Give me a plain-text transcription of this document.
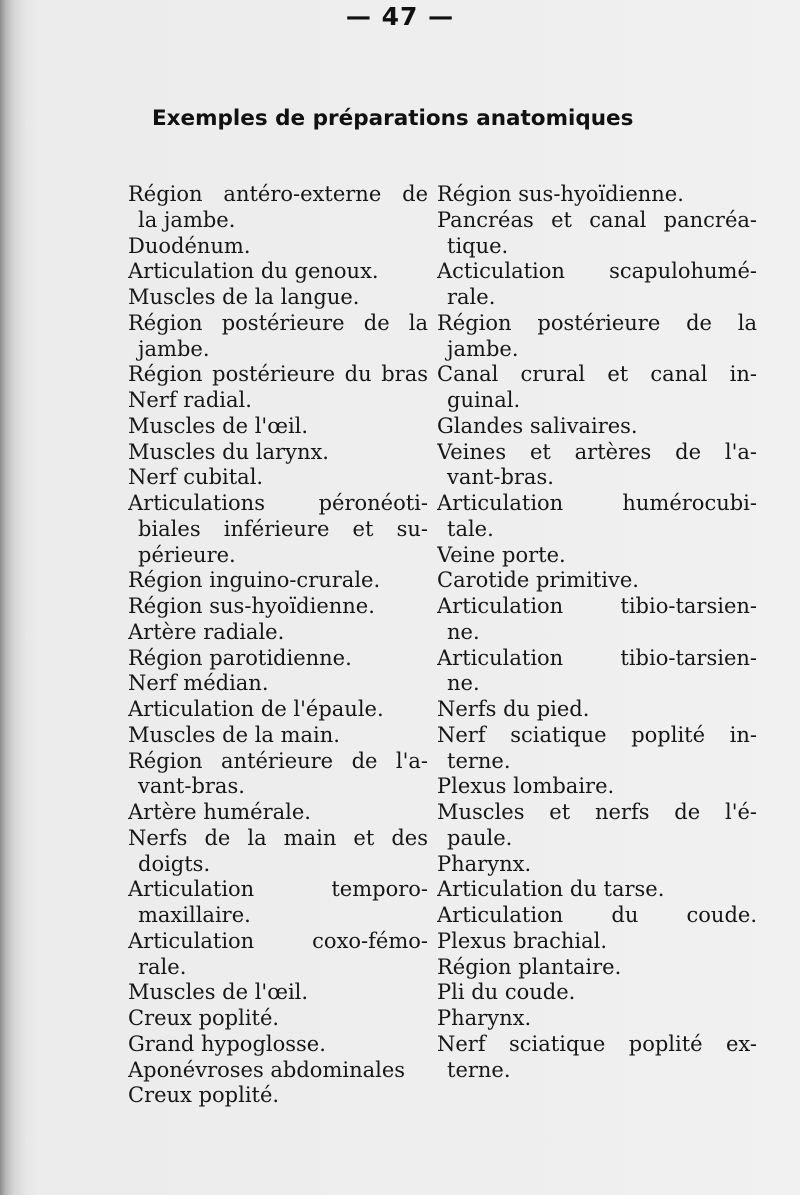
— 47 —
Exemples de préparations anatomiques
Région antéro-externe de
la jambe.
Duodénum.
Articulation du genoux.
Muscles de la langue.
Région postérieure de la
jambe.
Région postérieure du bras
Nerf radial.
Muscles de l'œil.
Muscles du larynx.
Nerf cubital.
Articulations péronéoti-
biales inférieure et su-
périeure.
Région inguino-crurale.
Région sus-hyoïdienne.
Artère radiale.
Région parotidienne.
Nerf médian.
Articulation de l'épaule.
Muscles de la main.
Région antérieure de l'a-
vant-bras.
Artère humérale.
Nerfs de la main et des
doigts.
Articulation temporo-
maxillaire.
Articulation coxo-fémo-
rale.
Muscles de l'œil.
Creux poplité.
Grand hypoglosse.
Aponévroses abdominales
Creux poplité.
Région sus-hyoïdienne.
Pancréas et canal pancréa-
tique.
Acticulation scapulohumé-
rale.
Région postérieure de la
jambe.
Canal crural et canal in-
guinal.
Glandes salivaires.
Veines et artères de l'a-
vant-bras.
Articulation humérocubi-
tale.
Veine porte.
Carotide primitive.
Articulation tibio-tarsien-
ne.
Articulation tibio-tarsien-
ne.
Nerfs du pied.
Nerf sciatique poplité in-
terne.
Plexus lombaire.
Muscles et nerfs de l'é-
paule.
Pharynx.
Articulation du tarse.
Articulation du coude.
Plexus brachial.
Région plantaire.
Pli du coude.
Pharynx.
Nerf sciatique poplité ex-
terne.
